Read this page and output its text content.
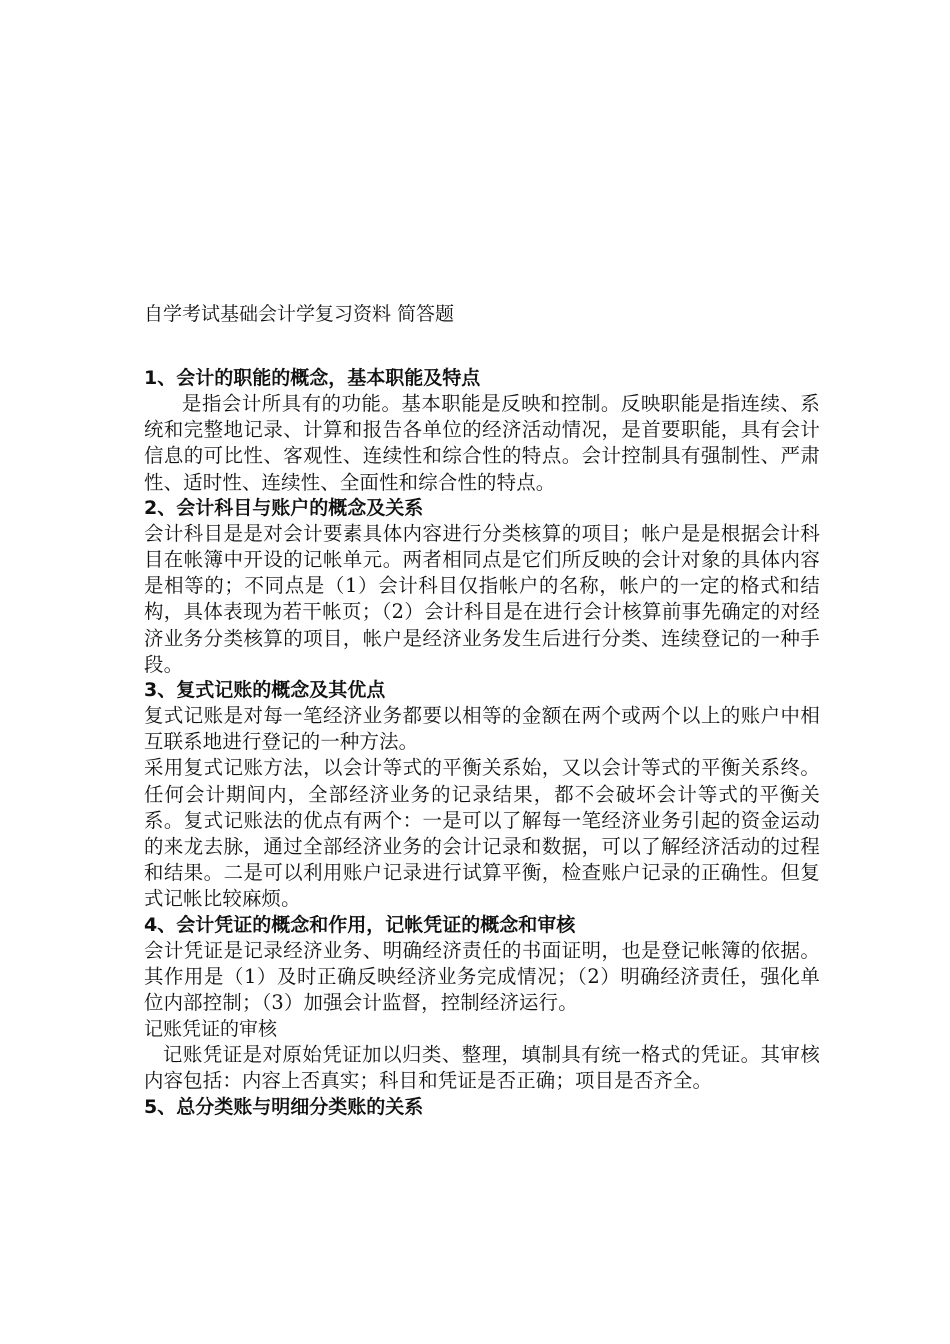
自学考试基础会计学复习资料 简答题

1、会计的职能的概念，基本职能及特点

是指会计所具有的功能。基本职能是反映和控制。反映职能是指连续、系统和完整地记录、计算和报告各单位的经济活动情况，是首要职能，具有会计信息的可比性、客观性、连续性和综合性的特点。会计控制具有强制性、严肃性、适时性、连续性、全面性和综合性的特点。

2、会计科目与账户的概念及关系

会计科目是是对会计要素具体内容进行分类核算的项目；帐户是是根据会计科目在帐簿中开设的记帐单元。两者相同点是它们所反映的会计对象的具体内容是相等的；不同点是（1）会计科目仅指帐户的名称，帐户的一定的格式和结构，具体表现为若干帐页；（2）会计科目是在进行会计核算前事先确定的对经济业务分类核算的项目，帐户是经济业务发生后进行分类、连续登记的一种手段。

3、复式记账的概念及其优点

复式记账是对每一笔经济业务都要以相等的金额在两个或两个以上的账户中相互联系地进行登记的一种方法。

采用复式记账方法，以会计等式的平衡关系始，又以会计等式的平衡关系终。任何会计期间内，全部经济业务的记录结果，都不会破坏会计等式的平衡关系。复式记账法的优点有两个：一是可以了解每一笔经济业务引起的资金运动的来龙去脉，通过全部经济业务的会计记录和数据，可以了解经济活动的过程和结果。二是可以利用账户记录进行试算平衡，检查账户记录的正确性。但复式记帐比较麻烦。

4、会计凭证的概念和作用，记帐凭证的概念和审核

会计凭证是记录经济业务、明确经济责任的书面证明，也是登记帐簿的依据。其作用是（1）及时正确反映经济业务完成情况；（2）明确经济责任，强化单位内部控制；（3）加强会计监督，控制经济运行。

记账凭证的审核

记账凭证是对原始凭证加以归类、整理，填制具有统一格式的凭证。其审核内容包括：内容上否真实；科目和凭证是否正确；项目是否齐全。

5、总分类账与明细分类账的关系
